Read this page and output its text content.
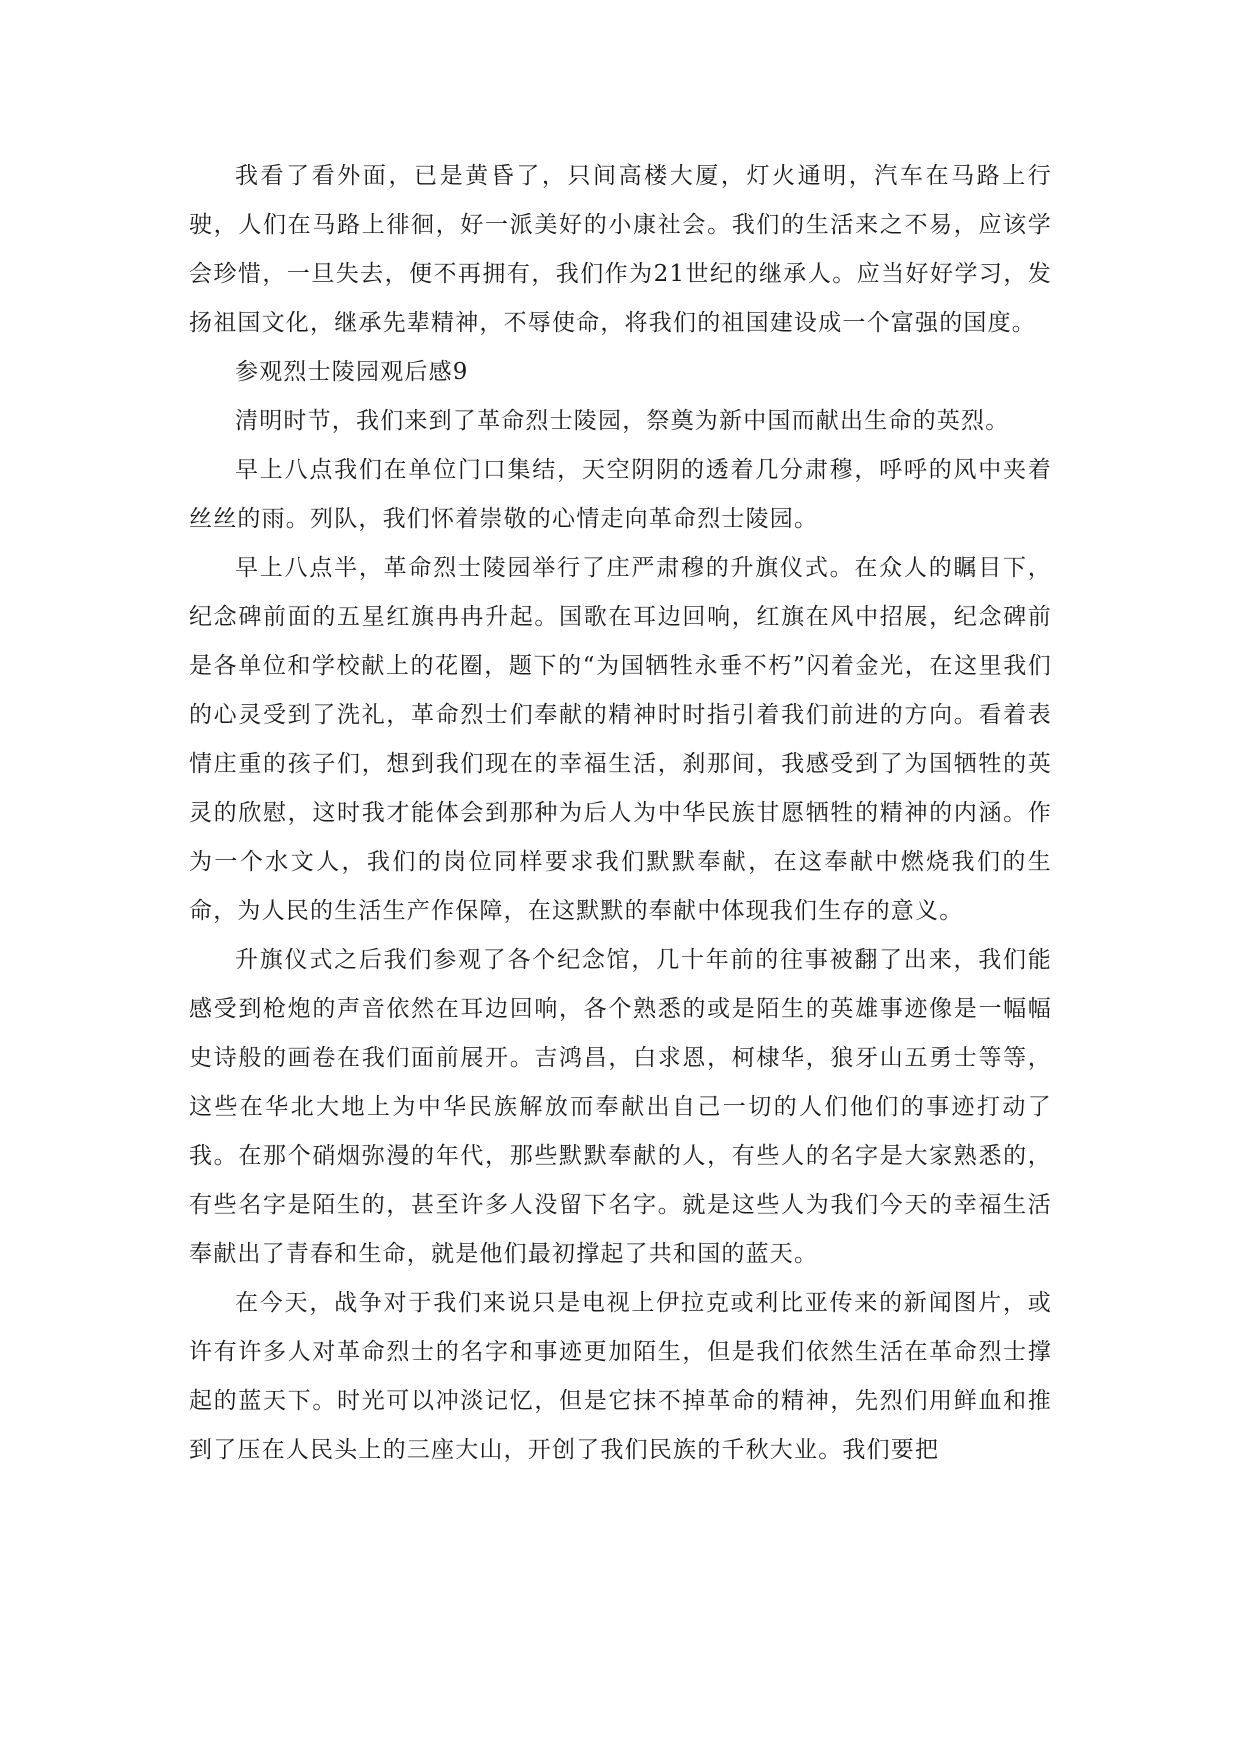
我看了看外面，已是黄昏了，只间高楼大厦，灯火通明，汽车在马路上行驶，人们在马路上徘徊，好一派美好的小康社会。我们的生活来之不易，应该学会珍惜，一旦失去，便不再拥有，我们作为21世纪的继承人。应当好好学习，发扬祖国文化，继承先辈精神，不辱使命，将我们的祖国建设成一个富强的国度。

参观烈士陵园观后感9

清明时节，我们来到了革命烈士陵园，祭奠为新中国而献出生命的英烈。

早上八点我们在单位门口集结，天空阴阴的透着几分肃穆，呼呼的风中夹着丝丝的雨。列队，我们怀着崇敬的心情走向革命烈士陵园。

早上八点半，革命烈士陵园举行了庄严肃穆的升旗仪式。在众人的瞩目下，纪念碑前面的五星红旗冉冉升起。国歌在耳边回响，红旗在风中招展，纪念碑前是各单位和学校献上的花圈，题下的“为国牺牲永垂不朽”闪着金光，在这里我们的心灵受到了洗礼，革命烈士们奉献的精神时时指引着我们前进的方向。看着表情庄重的孩子们，想到我们现在的幸福生活，刹那间，我感受到了为国牺牲的英灵的欣慰，这时我才能体会到那种为后人为中华民族甘愿牺牲的精神的内涵。作为一个水文人，我们的岗位同样要求我们默默奉献，在这奉献中燃烧我们的生命，为人民的生活生产作保障，在这默默的奉献中体现我们生存的意义。

升旗仪式之后我们参观了各个纪念馆，几十年前的往事被翻了出来，我们能感受到枪炮的声音依然在耳边回响，各个熟悉的或是陌生的英雄事迹像是一幅幅史诗般的画卷在我们面前展开。吉鸿昌，白求恩，柯棣华，狼牙山五勇士等等，这些在华北大地上为中华民族解放而奉献出自己一切的人们他们的事迹打动了我。在那个硝烟弥漫的年代，那些默默奉献的人，有些人的名字是大家熟悉的，有些名字是陌生的，甚至许多人没留下名字。就是这些人为我们今天的幸福生活奉献出了青春和生命，就是他们最初撑起了共和国的蓝天。

在今天，战争对于我们来说只是电视上伊拉克或利比亚传来的新闻图片，或许有许多人对革命烈士的名字和事迹更加陌生，但是我们依然生活在革命烈士撑起的蓝天下。时光可以冲淡记忆，但是它抹不掉革命的精神，先烈们用鲜血和推到了压在人民头上的三座大山，开创了我们民族的千秋大业。我们要把
